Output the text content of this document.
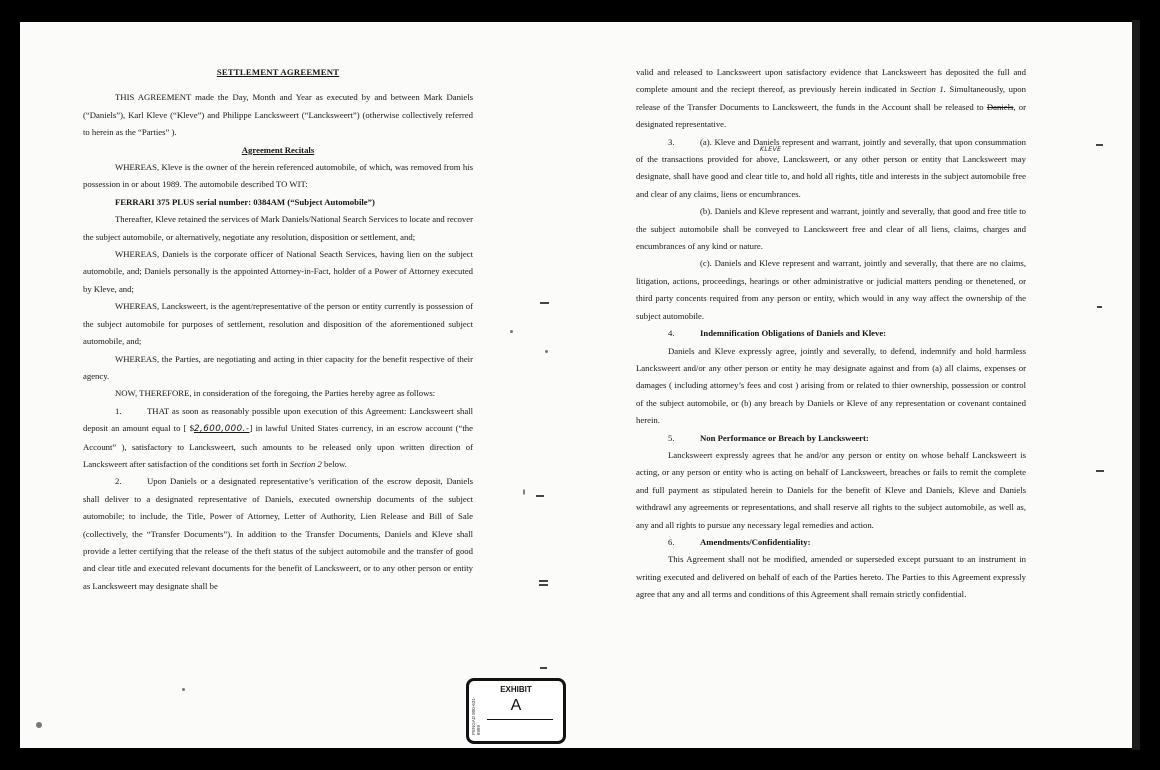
SETTLEMENT AGREEMENT

THIS AGREEMENT made the Day, Month and Year as executed by and between Mark Daniels (“Daniels”), Karl Kleve (“Kleve”) and Philippe Lancksweert (“Lancksweert”) (otherwise collectively referred to herein as the “Parties” ).

Agreement Recitals

WHEREAS, Kleve is the owner of the herein referenced automobile, of which, was removed from his possession in or about 1989. The automobile described TO WIT:

FERRARI 375 PLUS serial number: 0384AM (“Subject Automobile”)

Thereafter, Kleve retained the services of Mark Daniels/National Search Services to locate and recover the subject automobile, or alternatively, negotiate any resolution, disposition or settlement, and;

WHEREAS, Daniels is the corporate officer of National Seacth Services, having lien on the subject automobile, and; Daniels personally is the appointed Attorney-in-Fact, holder of a Power of Attorney executed by Kleve, and;

WHEREAS, Lancksweert, is the agent/representative of the person or entity currently is possession of the subject automobile for purposes of settlement, resolution and disposition of the aforementioned subject automobile, and;

WHEREAS, the Parties, are negotiating and acting in thier capacity for the benefit respective of their agency.

NOW, THEREFORE, in consideration of the foregoing, the Parties hereby agree as follows:

1.	THAT as soon as reasonably possible upon execution of this Agreement: Lancksweert shall deposit an amount equal to [ $2,600,000.-] in lawful United States currency, in an escrow account (“the Account” ), satisfactory to Lancksweert, such amounts to be released only upon written direction of Lancksweert after satisfaction of the conditions set forth in Section 2 below.

2.	Upon Daniels or a designated representative’s verification of the escrow deposit, Daniels shall deliver to a designated representative of Daniels, executed ownership documents of the subject automobile; to include, the Title, Power of Attorney, Letter of Authority, Lien Release and Bill of Sale (collectively, the “Transfer Documents”). In addition to the Transfer Documents, Daniels and Kleve shall provide a letter certifying that the release of the theft status of the subject automobile and the transfer of good and clear title and executed relevant documents for the benefit of Lancksweert, or to any other person or entity as Lancksweert may designate shall be

valid and released to Lancksweert upon satisfactory evidence that Lancksweert has deposited the full and complete amount and the reciept thereof, as previously herein indicated in Section 1. Simultaneously, upon release of the Transfer Documents to Lancksweert, the funds in the Account shall be released to Daniels, or designated representative.

3.	(a). Kleve and Daniels represent and warrant, jointly and severally, that upon consummation of the transactions provided for above, Lancksweert, or any other person or entity that Lancksweert may designate, shall have good and clear title to, and hold all rights, title and interests in the subject automobile free and clear of any claims, liens or encumbrances.

(b). Daniels and Kleve represent and warrant, jointly and severally, that good and free title to the subject automobile shall be conveyed to Lancksweert free and clear of all liens, claims, charges and encumbrances of any kind or nature.

(c). Daniels and Kleve represent and warrant, jointly and severally, that there are no claims, litigation, actions, proceedings, hearings or other administrative or judicial matters pending or thenetened, or third party concents required from any person or entity, which would in any way affect the ownership of the subject automobile.

4.	Indemnification Obligations of Daniels and Kleve:

Daniels and Kleve expressly agree, jointly and severally, to defend, indemnify and hold harmless Lancksweert and/or any other person or entity he may designate against and from (a) all claims, expenses or damages ( including attorney’s fees and cost ) arising from or related to thier ownership, possession or control of the subject automobile, or (b) any breach by Daniels or Kleve of any representation or covenant contained herein.

5.	Non Performance or Breach by Lancksweert:

Lancksweert expressly agrees that he and/or any person or entity on whose behalf Lancksweert is acting, or any person or entity who is acting on behalf of Lancksweert, breaches or fails to remit the complete and full payment as stipulated herein to Daniels for the benefit of Kleve and Daniels, Kleve and Daniels withdrawl any agreements or representations, and shall reserve all rights to the subject automobile, as well as, any and all rights to pursue any necessary legal remedies and action.

6.	Amendments/Confidentiality:

This Agreement shall not be modified, amended or superseded except pursuant to an instrument in writing executed and delivered on behalf of each of the Parties hereto. The Parties to this Agreement expressly agree that any and all terms and conditions of this Agreement shall remain strictly confidential.

KLEVE
PENGAD 800-631-6989
EXHIBIT
A
